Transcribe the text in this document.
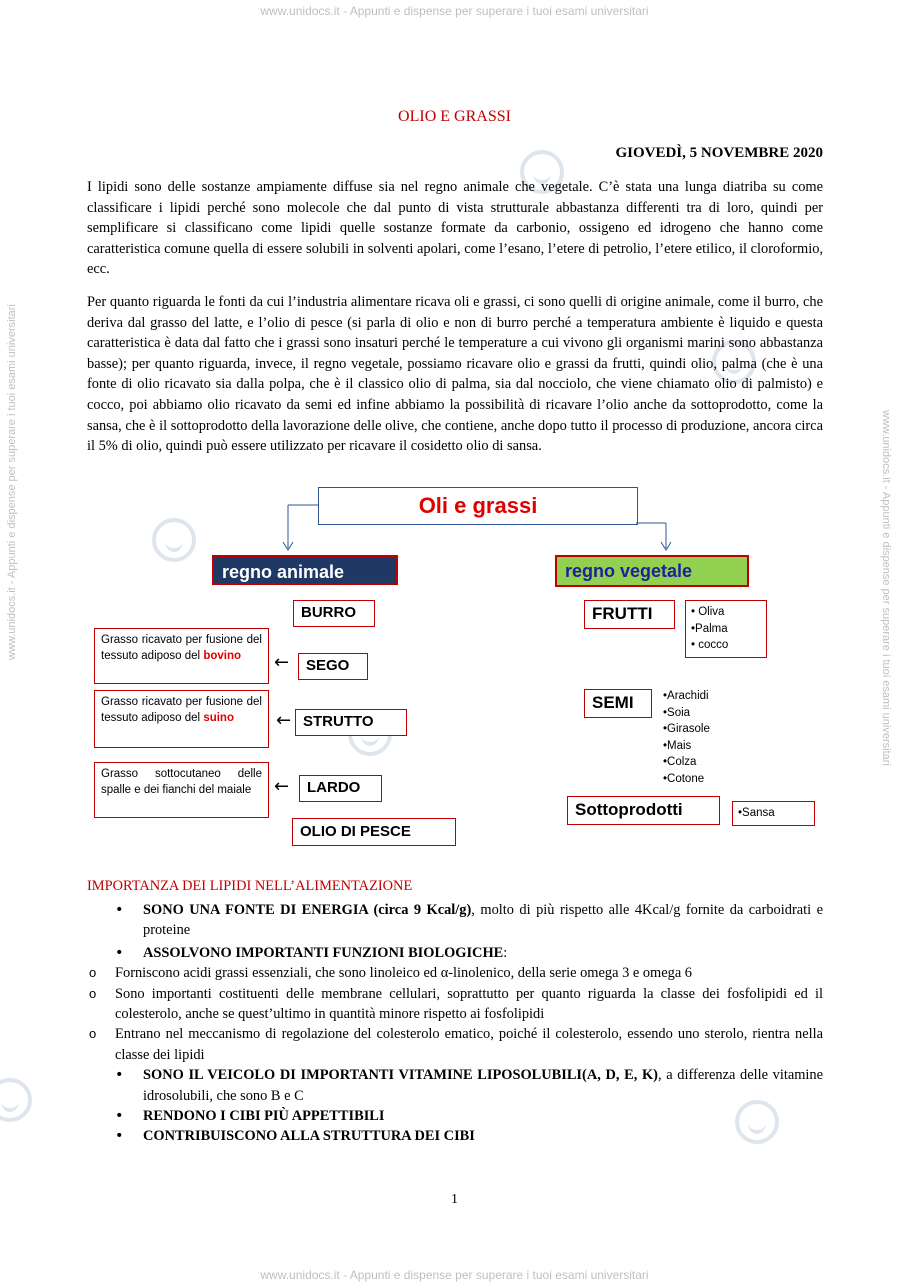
www.unidocs.it - Appunti e dispense per superare i tuoi esami universitari
www.unidocs.it - Appunti e dispense per superare i tuoi esami universitari
www.unidocs.it - Appunti e dispense per superare i tuoi esami universitari	www.unidocs.it - Appunti e dispense per superare i tuoi esami universitari
OLIO E GRASSI
GIOVEDÌ, 5 NOVEMBRE 2020
I lipidi sono delle sostanze ampiamente diffuse sia nel regno animale che vegetale. C’è stata una lunga diatriba su come classificare i lipidi perché sono molecole che dal punto di vista strutturale abbastanza differenti tra di loro, quindi per semplificare si classificano come lipidi quelle sostanze formate da carbonio, ossigeno ed idrogeno che hanno come caratteristica comune quella di essere solubili in solventi apolari, come l’esano, l’etere di petrolio, l’etere etilico, il cloroformio, ecc.
Per quanto riguarda le fonti da cui l’industria alimentare ricava oli e grassi, ci sono quelli di origine animale, come il burro, che deriva dal grasso del latte, e l’olio di pesce (si parla di olio e non di burro perché a temperatura ambiente è liquido e questa caratteristica è data dal fatto che i grassi sono insaturi perché le temperature a cui vivono gli organismi marini sono abbastanza basse); per quanto riguarda, invece, il regno vegetale, possiamo ricavare olio e grassi da frutti, quindi olio, palma (che è una fonte di olio ricavato sia dalla polpa, che è il classico olio di palma, sia dal nocciolo, che viene chiamato olio di palmisto) e cocco, poi abbiamo olio ricavato da semi ed infine abbiamo la possibilità di ricavare l’olio anche da sottoprodotto, come la sansa, che è il sottoprodotto della lavorazione delle olive, che contiene, anche dopo tutto il processo di produzione, ancora circa il 5% di olio, quindi può essere utilizzato per ricavare il cosidetto olio di sansa.
Oli e grassi
regno animale	regno vegetale
BURRO
Grasso ricavato per fusione del tessuto adiposo del bovino	←	SEGO
Grasso ricavato per fusione del tessuto adiposo del suino	← STRUTTO
Grasso sottocutaneo delle spalle e dei fianchi del maiale	←	LARDO
OLIO DI PESCE
FRUTTI	• Oliva
•Palma
• cocco
SEMI	•Arachidi
•Soia
•Girasole
•Mais
•Colza
•Cotone
Sottoprodotti	•Sansa
IMPORTANZA DEI LIPIDI NELL’ALIMENTAZIONE
• SONO UNA FONTE DI ENERGIA (circa 9 Kcal/g), molto di più rispetto alle 4Kcal/g fornite da carboidrati e proteine
• ASSOLVONO IMPORTANTI FUNZIONI BIOLOGICHE:
o Forniscono acidi grassi essenziali, che sono linoleico ed α-linolenico, della serie omega 3 e omega 6
o Sono importanti costituenti delle membrane cellulari, soprattutto per quanto riguarda la classe dei fosfolipidi ed il colesterolo, anche se quest’ultimo in quantità minore rispetto ai fosfolipidi
o Entrano nel meccanismo di regolazione del colesterolo ematico, poiché il colesterolo, essendo uno sterolo, rientra nella classe dei lipidi
• SONO IL VEICOLO DI IMPORTANTI VITAMINE LIPOSOLUBILI(A, D, E, K), a differenza delle vitamine idrosolubili, che sono B e C
• RENDONO I CIBI PIÙ APPETTIBILI
• CONTRIBUISCONO ALLA STRUTTURA DEI CIBI
1
